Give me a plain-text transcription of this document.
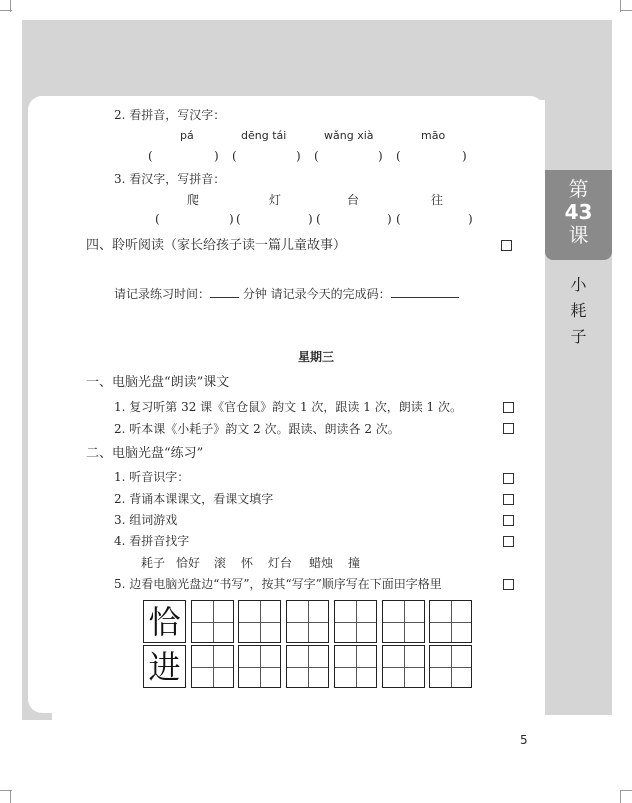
第
43
课
小
耗
子
2. 看拼音，写汉字：
pá	dēng tái	wǎng xià	māo
(	) (	) (	) (	)
3. 看汉字，写拼音：
爬	灯	台	往
(	) (	) (	) (	)
四、聆听阅读（家长给孩子读一篇儿童故事）
请记录练习时间： 分钟 请记录今天的完成码：
星期三
一、电脑光盘“朗读”课文
1. 复习听第 32 课《官仓鼠》韵文 1 次，跟读 1 次，朗读 1 次。
2. 听本课《小耗子》韵文 2 次。跟读、朗读各 2 次。
二、电脑光盘“练习”
1. 听音识字：
2. 背诵本课课文，看课文填字
3. 组词游戏
4. 看拼音找字
耗子 恰好 滚 怀 灯台 蜡烛 撞
5. 边看电脑光盘边“书写”，按其“写字”顺序写在下面田字格里
恰
进
5
